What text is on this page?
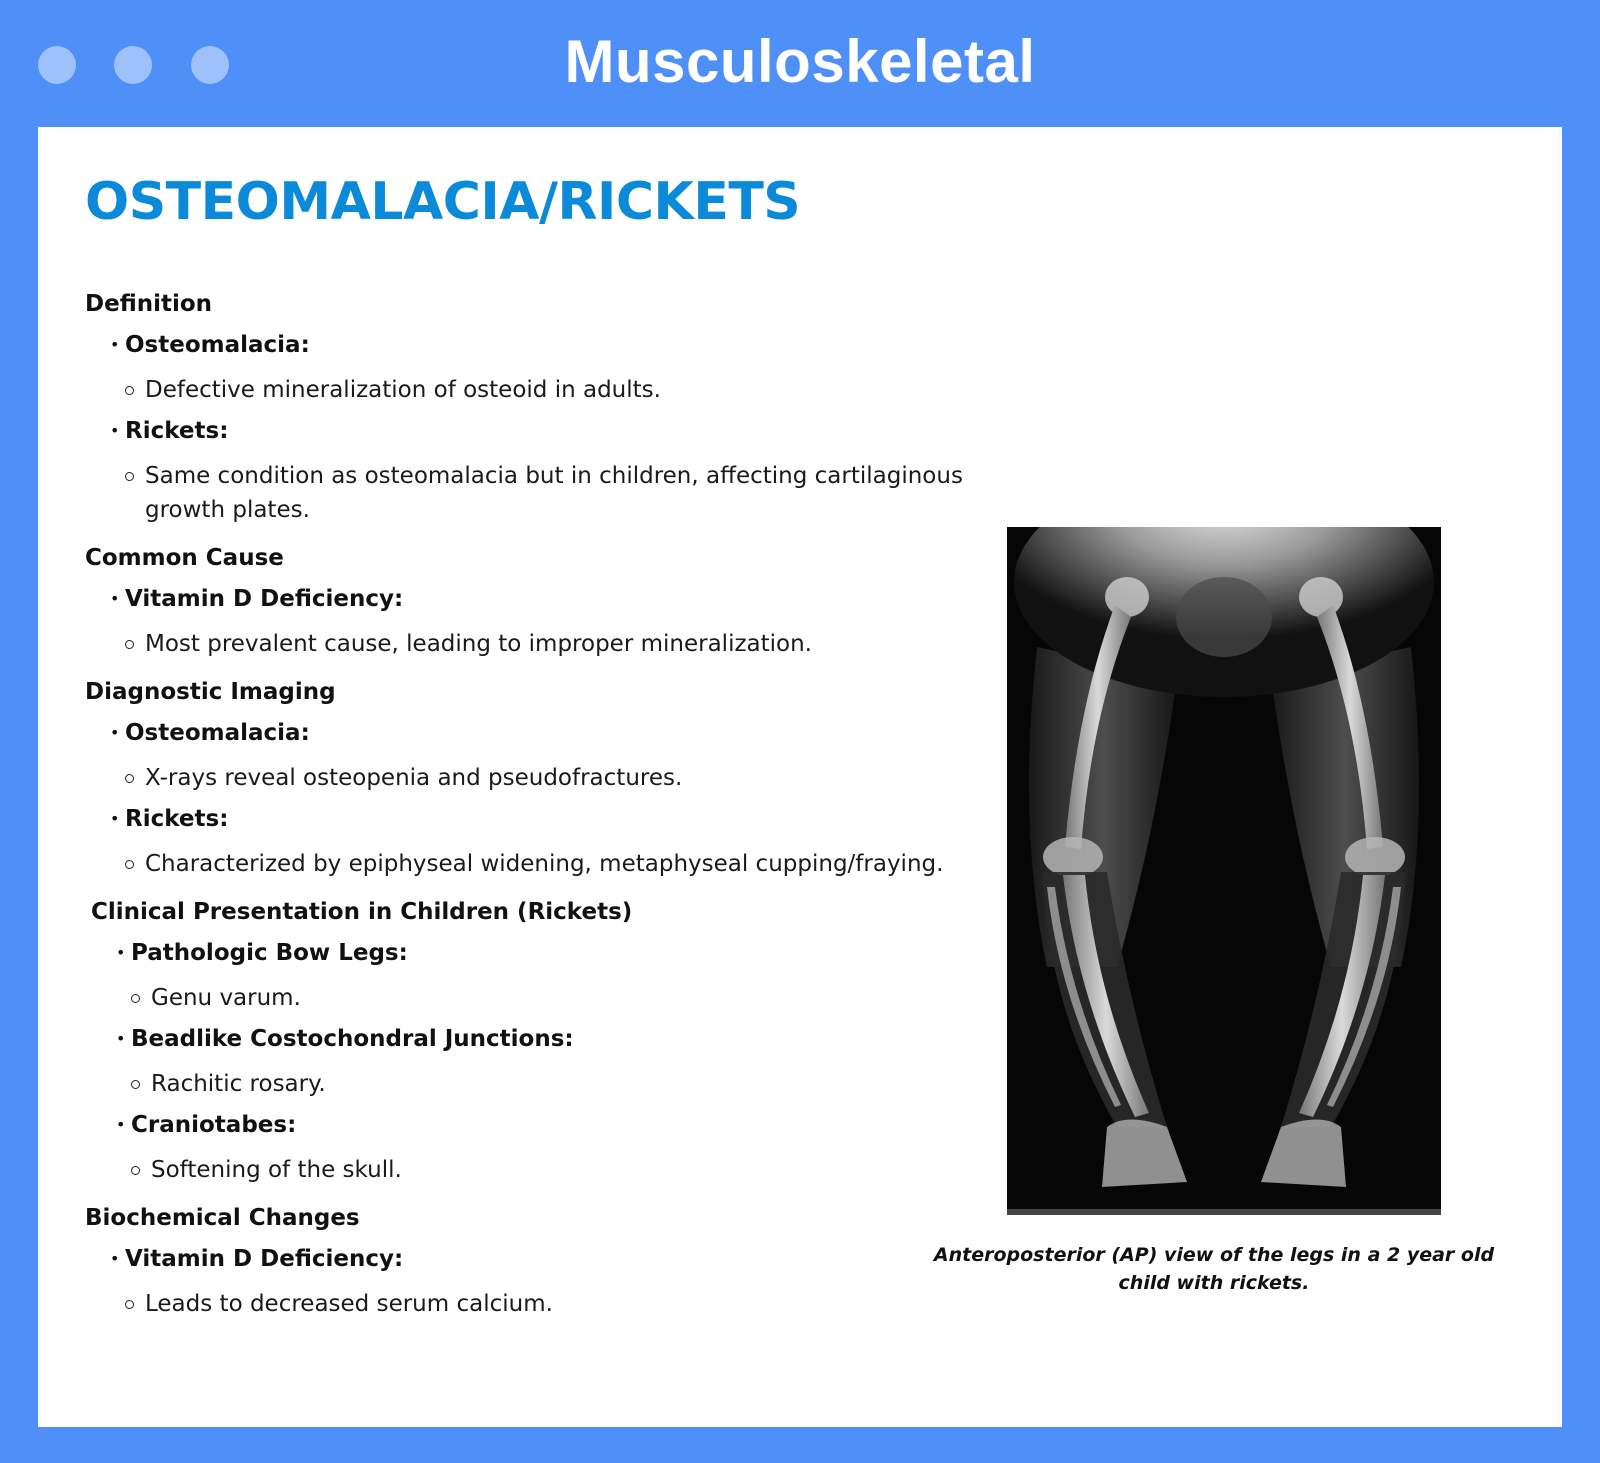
Musculoskeletal
OSTEOMALACIA/RICKETS
Definition
• Osteomalacia:
Defective mineralization of osteoid in adults.
• Rickets:
Same condition as osteomalacia but in children, affecting cartilaginous growth plates.
Common Cause
• Vitamin D Deficiency:
Most prevalent cause, leading to improper mineralization.
Diagnostic Imaging
• Osteomalacia:
X-rays reveal osteopenia and pseudofractures.
• Rickets:
Characterized by epiphyseal widening, metaphyseal cupping/fraying.
Clinical Presentation in Children (Rickets)
• Pathologic Bow Legs:
Genu varum.
• Beadlike Costochondral Junctions:
Rachitic rosary.
• Craniotabes:
Softening of the skull.
Biochemical Changes
• Vitamin D Deficiency:
Leads to decreased serum calcium.

Anteroposterior (AP) view of the legs in a 2 year old child with rickets.
